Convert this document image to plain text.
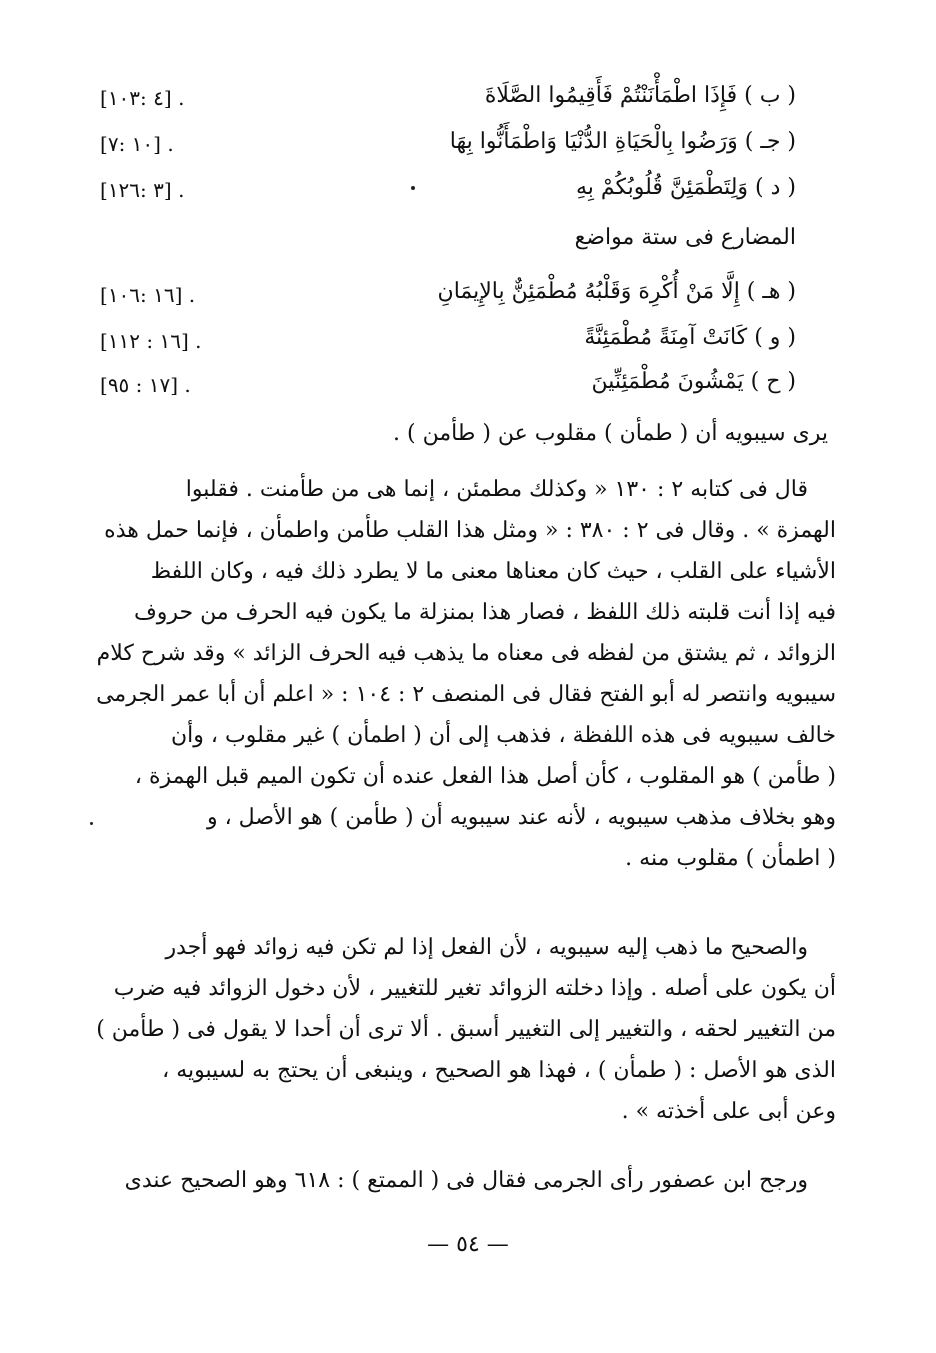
( ب ) فَإِذَا اطْمَأْنَنْتُمْ فَأَقِيمُوا الصَّلَاةَ
[٤ :١٠٣] .
( جـ ) وَرَضُوا بِالْحَيَاةِ الدُّنْيَا وَاطْمَأَنُّوا بِهَا
[١٠ :٧] .
( د ) وَلِتَطْمَئِنَّ قُلُوبُكُمْ بِهِ
[٣ :١٢٦] .
المضارع فى ستة مواضع
( هـ ) إِلَّا مَنْ أُكْرِهَ وَقَلْبُهُ مُطْمَئِنٌّ بِالإِيمَانِ
[١٦ :١٠٦] .
( و ) كَانَتْ آمِنَةً مُطْمَئِنَّةً
[١٦ : ١١٢] .
( ح ) يَمْشُونَ مُطْمَئِنِّينَ
[١٧ : ٩٥] .
يرى سيبويه أن ( طمأن ) مقلوب عن ( طأمن ) .
قال فى كتابه ٢ : ١٣٠ « وكذلك مطمئن ، إنما هى من طأمنت . فقلبوا
الهمزة » . وقال فى ٢ : ٣٨٠ : « ومثل هذا القلب طأمن واطمأن ، فإنما حمل هذه
الأشياء على القلب ، حيث كان معناها معنى ما لا يطرد ذلك فيه ، وكان اللفظ
فيه إذا أنت قلبته ذلك اللفظ ، فصار هذا بمنزلة ما يكون فيه الحرف من حروف
الزوائد ، ثم يشتق من لفظه فى معناه ما يذهب فيه الحرف الزائد » وقد شرح كلام
سيبويه وانتصر له أبو الفتح فقال فى المنصف ٢ : ١٠٤ : « اعلم أن أبا عمر الجرمى
خالف سيبويه فى هذه اللفظة ، فذهب إلى أن ( اطمأن ) غير مقلوب ، وأن
( طأمن ) هو المقلوب ، كأن أصل هذا الفعل عنده أن تكون الميم قبل الهمزة ،
وهو بخلاف مذهب سيبويه ، لأنه عند سيبويه أن ( طأمن ) هو الأصل ، و
( اطمأن ) مقلوب منه .
والصحيح ما ذهب إليه سيبويه ، لأن الفعل إذا لم تكن فيه زوائد فهو أجدر
أن يكون على أصله . وإذا دخلته الزوائد تغير للتغيير ، لأن دخول الزوائد فيه ضرب
من التغيير لحقه ، والتغيير إلى التغيير أسبق . ألا ترى أن أحدا لا يقول فى ( طأمن )
الذى هو الأصل : ( طمأن ) ، فهذا هو الصحيح ، وينبغى أن يحتج به لسيبويه ،
وعن أبى على أخذته » .
ورجح ابن عصفور رأى الجرمى فقال فى ( الممتع ) : ٦١٨ وهو الصحيح عندى
— ٥٤ —
